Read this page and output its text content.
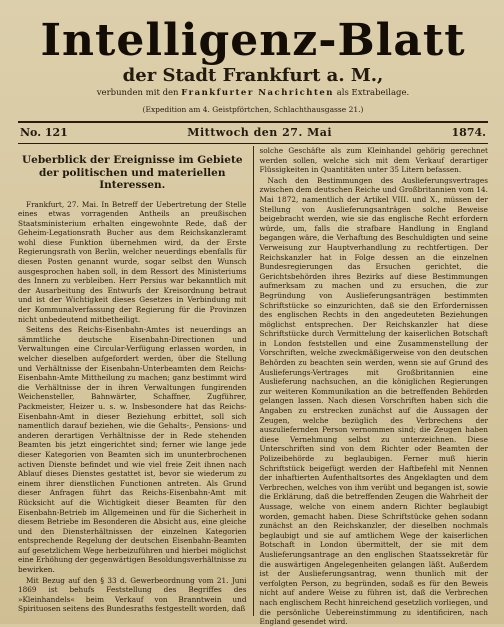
Intelligenz-Blatt
der Stadt Frankfurt a. M.,
verbunden mit den Frankfurter Nachrichten als Extrabeilage.
(Expedition am 4. Geistpförtchen, Schlachthausgasse 21.)
No. 121	Mittwoch den 27. Mai	1874.
Ueberblick der Ereignisse im Gebiete der politischen und materiellen Interessen.

Frankfurt, 27. Mai. In Betreff der Uebertretung der Stelle eines etwas vorragenden Antheils an preußischen Staatsministerium erhalten eingewohnte Rede, daß der Geheim-Legationsrath Bucher aus dem Reichskanzleramt wohl diese Funktion übernehmen wird, da der Erste Regierungsrath von Berlin, welcher neuerdings ebenfalls für diesen Posten genannt wurde, sogar selbst den Wunsch ausgesprochen haben soll, in dem Ressort des Ministeriums des Innern zu verbleiben. Herr Persius war bekanntlich mit der Ausarbeitung des Entwurfs der Kreisordnung betraut und ist der Wichtigkeit dieses Gesetzes in Verbindung mit der Kommunalverfassung der Regierung für die Provinzen nicht unbedeutend mitbetheiligt.

Seitens des Reichs-Eisenbahn-Amtes ist neuerdings an sämmtliche deutsche Eisenbahn-Directionen und Verwaltungen eine Circular-Verfügung erlassen worden, in welcher dieselben aufgefordert werden, über die Stellung und Verhältnisse der Eisenbahn-Unterbeamten dem Reichs-Eisenbahn-Amte Mittheilung zu machen; ganz bestimmt wird die Verhältnisse der in ihren Verwaltungen fungirenden Weichensteller, Bahnwärter, Schaffner, Zugführer, Packmeister, Heizer u. s. w. Insbesondere hat das Reichs-Eisenbahn-Amt in dieser Beziehung erbittet, soll sich namentlich darauf beziehen, wie die Gehalts-, Pensions- und anderen derartigen Verhältnisse der in Rede stehenden Beamten bis jetzt eingerichtet sind; ferner wie lange jede dieser Kategorien von Beamten sich im ununterbrochenen activen Dienste befindet und wie viel freie Zeit ihnen nach Ablauf dieses Dienstes gestattet ist, bevor sie wiederum zu einem ihrer dienstlichen Functionen antreten. Als Grund dieser Anfragen führt das Reichs-Eisenbahn-Amt mit Rücksicht auf die Wichtigkeit dieser Beamten für den Eisenbahn-Betrieb im Allgemeinen und für die Sicherheit in diesem Betriebe im Besonderen die Absicht aus, eine gleiche und den Diensterhältnissen der einzelnen Kategorien entsprechende Regelung der deutschen Eisenbahn-Beamten auf gesetzlichem Wege herbeizuführen und hierbei möglichst eine Erhöhung der gegenwärtigen Besoldungsverhältnisse zu bewirken.

Mit Bezug auf den § 33 d. Gewerbeordnung vom 21. Juni 1869 ist behufs Feststellung des Begriffes des »Kleinhandels« beim Verkauf von Branntwein und Spirituosen seitens des Bundesraths festgestellt worden, daß

solche Geschäfte als zum Kleinhandel gehörig gerechnet werden sollen, welche sich mit dem Verkauf derartiger Flüssigkeiten in Quantitäten unter 35 Litern befassen.

Nach den Bestimmungen des Auslieferungsvertrages zwischen dem deutschen Reiche und Großbritannien vom 14. Mai 1872, namentlich der Artikel VIII. und X., müssen der Stellung von Auslieferungsanträgen solche Beweise beigebracht werden, wie sie das englische Recht erfordern würde, um, falls die strafbare Handlung in England begangen wäre, die Verhaftung des Beschuldigten und seine Verweisung zur Hauptverhandlung zu rechtfertigen. Der Reichskanzler hat in Folge dessen an die einzelnen Bundesregierungen das Ersuchen gerichtet, die Gerichtsbehörden ihres Bezirks auf diese Bestimmungen aufmerksam zu machen und zu ersuchen, die zur Begründung von Auslieferungsanträgen bestimmten Schriftstücke so einzurichten, daß sie den Erfordernissen des englischen Rechts in den angedeuteten Beziehungen möglichst entsprechen. Der Reichskanzler hat diese Schriftstücke durch Vermittelung der kaiserlichen Botschaft in London feststellen und eine Zusammenstellung der Vorschriften, welche zweckmäßigerweise von den deutschen Behörden zu beachten sein werden, wenn sie auf Grund des Auslieferungs-Vertrages mit Großbritannien eine Auslieferung nachsuchen, an die königlichen Regierungen zur weiteren Kommunikation an die betreffenden Behörden gelangen lassen. Nach diesen Vorschriften haben sich die Angaben zu erstrecken zunächst auf die Aussagen der Zeugen, welche bezüglich des Verbrechens der auszuliefernden Person vernommen sind; die Zeugen haben diese Vernehmung selbst zu unterzeichnen. Diese Unterschriften sind von dem Richter oder Beamten der Polizeibehörde zu beglaubigen. Ferner muß hierin Schriftstück beigefügt werden der Haftbefehl mit Nennen der inhaftierten Aufenthaltsortes des Angeklagten und dem Verbrechen, welches von ihm verübt und begangen ist, sowie die Erklärung, daß die betreffenden Zeugen die Wahrheit der Aussage, welche von einem andern Richter beglaubigt worden, gemacht haben. Diese Schriftstücke gehen sodann zunächst an den Reichskanzler, der dieselben nochmals beglaubigt und sie auf amtlichem Wege der kaiserlichen Botschaft in London übermittelt, der sie mit dem Auslieferungsantrage an den englischen Staatssekretär für die auswärtigen Angelegenheiten gelangen läßt. Außerdem ist der Auslieferungsantrag, wenn thunlich mit der verfolgten Person, zu begründen, sodaß es für den Beweis nicht auf andere Weise zu führen ist, daß die Verbrechen nach englischem Recht hinreichend gesetzlich vorliegen, und die persönliche Uebereinstimmung zu identificiren, nach England gesendet wird.
